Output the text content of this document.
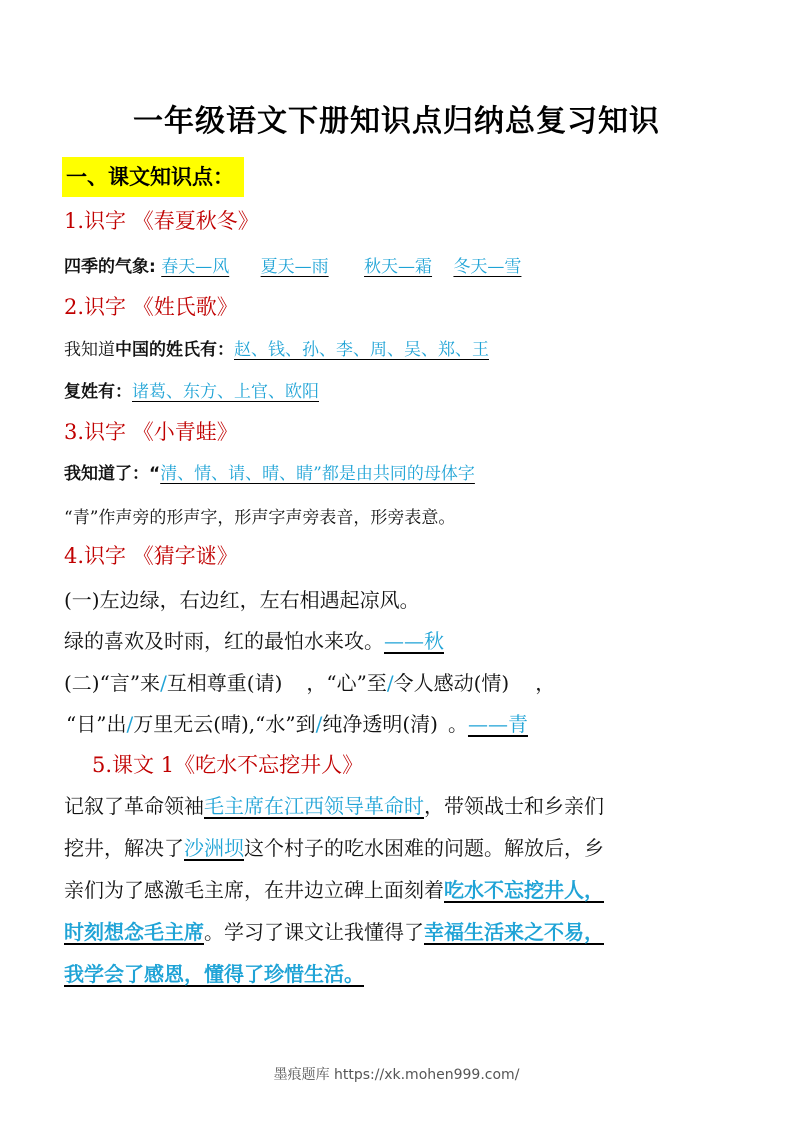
一年级语文下册知识点归纳总复习知识
一、课文知识点：
1.识字 《春夏秋冬》
四季的气象: 春天—风 夏天—雨 秋天—霜 冬天—雪
2.识字 《姓氏歌》
我知道中国的姓氏有：赵、钱、孙、李、周、吴、郑、王
复姓有：诸葛、东方、上官、欧阳
3.识字 《小青蛙》
我知道了：“清、情、请、晴、睛”都是由共同的母体字
“青”作声旁的形声字，形声字声旁表音，形旁表意。
4.识字 《猜字谜》
(一)左边绿，右边红，左右相遇起凉风。
绿的喜欢及时雨，红的最怕水来攻。——秋
(二)“言”来/互相尊重(请) ，“心”至/令人感动(情) ，
“日”出/万里无云(晴),“水”到/纯净透明(清) 。——青
5.课文 1《吃水不忘挖井人》
记叙了革命领袖毛主席在江西领导革命时，带领战士和乡亲们
挖井，解决了沙洲坝这个村子的吃水困难的问题。解放后，乡
亲们为了感激毛主席，在井边立碑上面刻着吃水不忘挖井人，
时刻想念毛主席。学习了课文让我懂得了幸福生活来之不易，
我学会了感恩，懂得了珍惜生活。
墨痕题库 https://xk.mohen999.com/
